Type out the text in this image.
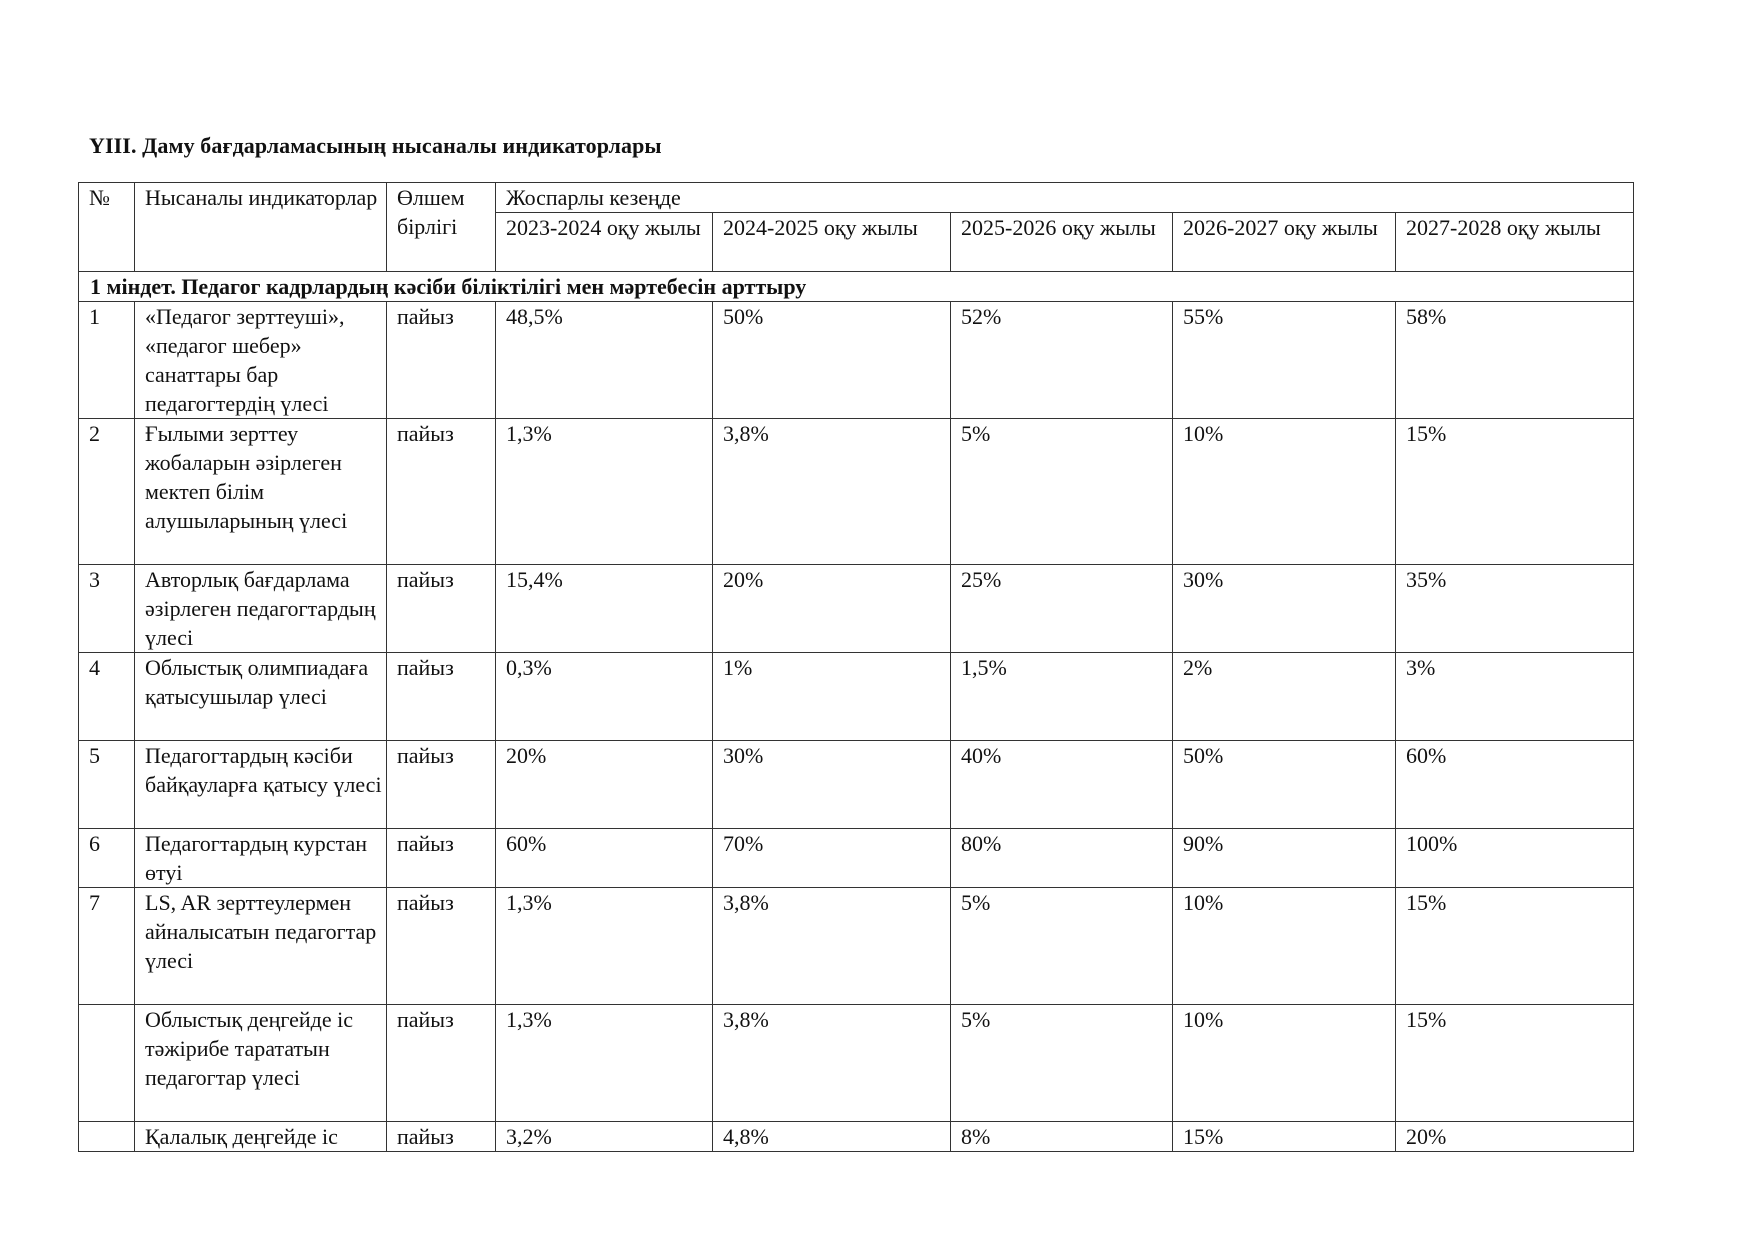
ҮІІІ. Даму бағдарламасының нысаналы индикаторлары
№	Нысаналы индикаторлар	Өлшем бірлігі	Жоспарлы кезеңде				
			2023-2024 оқу жылы	2024-2025 оқу жылы	2025-2026 оқу жылы	2026-2027 оқу жылы	2027-2028 оқу жылы
1 міндет. Педагог кадрлардың кәсіби біліктілігі мен мәртебесін арттыру							
1	«Педагог зерттеуші», «педагог шебер» санаттары бар педагогтердің үлесі	пайыз	48,5%	50%	52%	55%	58%
2	Ғылыми зерттеу жобаларын әзірлеген мектеп білім алушыларының үлесі	пайыз	1,3%	3,8%	5%	10%	15%
3	Авторлық бағдарлама әзірлеген педагогтардың үлесі	пайыз	15,4%	20%	25%	30%	35%
4	Облыстық олимпиадаға қатысушылар үлесі	пайыз	0,3%	1%	1,5%	2%	3%
5	Педагогтардың кәсіби байқауларға қатысу үлесі	пайыз	20%	30%	40%	50%	60%
6	Педагогтардың курстан өтуі	пайыз	60%	70%	80%	90%	100%
7	LS, AR зерттеулермен айналысатын педагогтар үлесі	пайыз	1,3%	3,8%	5%	10%	15%
	Облыстық деңгейде іс тәжірибе тарататын педагогтар үлесі	пайыз	1,3%	3,8%	5%	10%	15%
	Қалалық деңгейде іс	пайыз	3,2%	4,8%	8%	15%	20%
